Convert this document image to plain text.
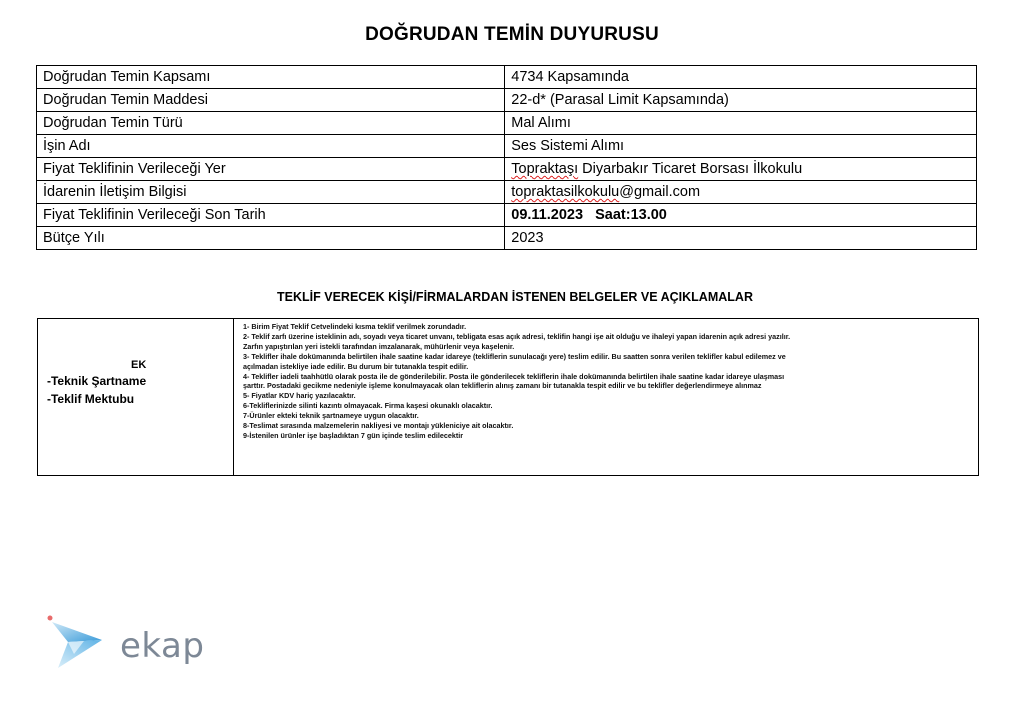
DOĞRUDAN TEMİN DUYURUSU
Doğrudan Temin Kapsamı	4734 Kapsamında
Doğrudan Temin Maddesi	22-d* (Parasal Limit Kapsamında)
Doğrudan Temin Türü	Mal Alımı
İşin Adı	Ses Sistemi Alımı
Fiyat Teklifinin Verileceği Yer	Topraktaşı Diyarbakır Ticaret Borsası İlkokulu
İdarenin İletişim Bilgisi	topraktasilkokulu@gmail.com
Fiyat Teklifinin Verileceği Son Tarih	09.11.2023   Saat:13.00
Bütçe Yılı	2023
TEKLİF VERECEK KİŞİ/FİRMALARDAN İSTENEN BELGELER VE AÇIKLAMALAR
EK
-Teknik Şartname
-Teklif Mektubu

1- Birim Fiyat Teklif Cetvelindeki kısma teklif verilmek zorundadır.

2- Teklif zarfı üzerine isteklinin adı, soyadı veya ticaret unvanı, tebligata esas açık adresi, teklifin hangi işe ait olduğu ve ihaleyi yapan idarenin açık adresi yazılır.

Zarfın yapıştırılan yeri istekli tarafından imzalanarak, mühürlenir veya kaşelenir.

3- Teklifler ihale dokümanında belirtilen ihale saatine kadar idareye (tekliflerin sunulacağı yere) teslim edilir. Bu saatten sonra verilen teklifler kabul edilemez ve

açılmadan istekliye iade edilir. Bu durum bir tutanakla tespit edilir.

4- Teklifler iadeli taahhütlü olarak posta ile de gönderilebilir. Posta ile gönderilecek tekliflerin ihale dokümanında belirtilen ihale saatine kadar idareye ulaşması

şarttır. Postadaki gecikme nedeniyle işleme konulmayacak olan tekliflerin alınış zamanı bir tutanakla tespit edilir ve bu teklifler değerlendirmeye alınmaz

5- Fiyatlar KDV hariç yazılacaktır.

6-Tekliflerinizde silinti kazıntı olmayacak. Firma kaşesi okunaklı olacaktır.

7-Ürünler ekteki teknik şartnameye uygun olacaktır.

8-Teslimat sırasında malzemelerin nakliyesi ve montajı yükleniciye ait olacaktır.

9-İstenilen ürünler işe başladıktan 7 gün içinde teslim edilecektir

ekap
